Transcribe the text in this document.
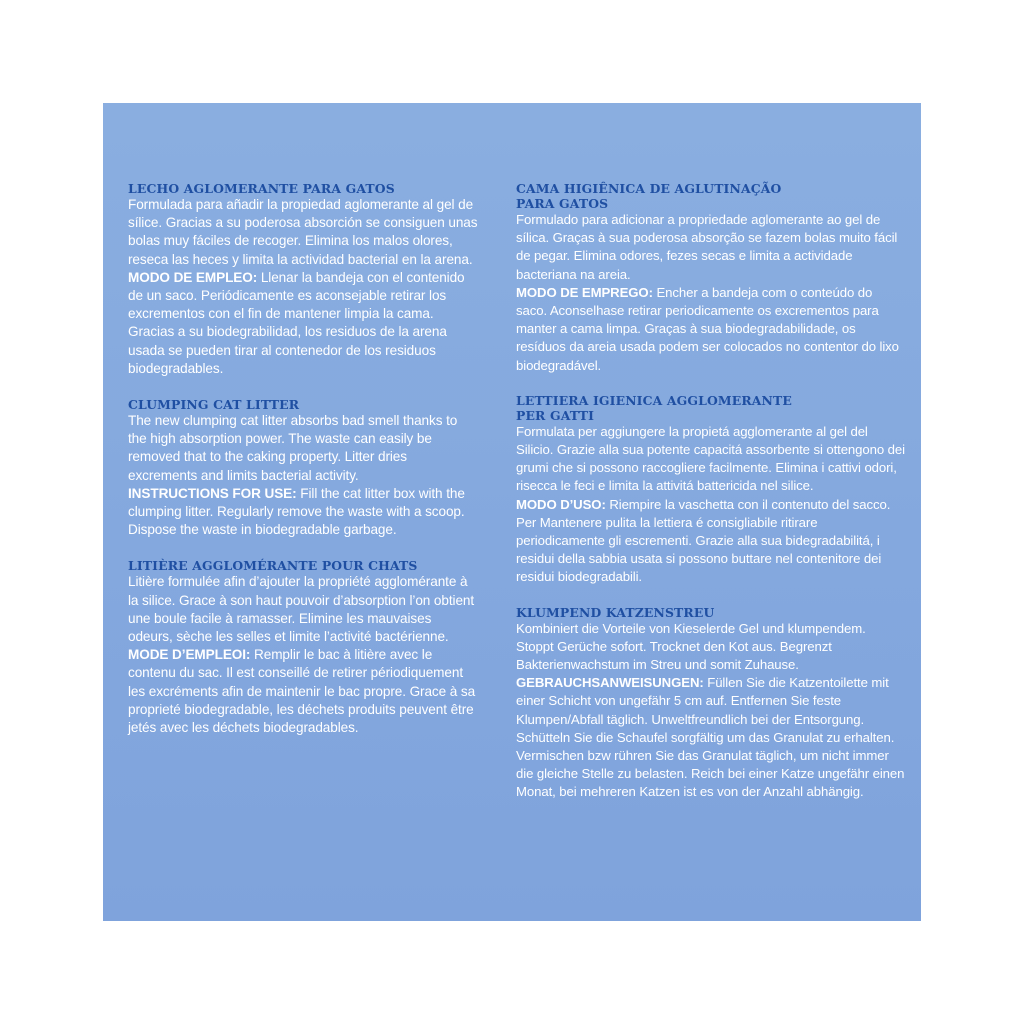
LECHO AGLOMERANTE PARA GATOS

Formulada para añadir la propiedad aglomerante al gel de sílice. Gracias a su poderosa absorción se consiguen unas bolas muy fáciles de recoger. Elimina los malos olores, reseca las heces y limita la actividad bacterial en la arena.
MODO DE EMPLEO: Llenar la bandeja con el contenido de un saco. Periódicamente es aconsejable retirar los excrementos con el fin de mantener limpia la cama. Gracias a su biodegrabilidad, los residuos de la arena usada se pueden tirar al contenedor de los residuos biodegradables.

CLUMPING CAT LITTER

The new clumping cat litter absorbs bad smell thanks to the high absorption power. The waste can easily be removed that to the caking property. Litter dries excrements and limits bacterial activity.
INSTRUCTIONS FOR USE: Fill the cat litter box with the clumping litter. Regularly remove the waste with a scoop. Dispose the waste in biodegradable garbage.

LITIÈRE AGGLOMÉRANTE POUR CHATS

Litière formulée afin d’ajouter la propriété agglomérante à la silice. Grace à son haut pouvoir d’absorption l’on obtient une boule facile à ramasser. Elimine les mauvaises odeurs, sèche les selles et limite l’activité bactérienne.
MODE D’EMPLEOI: Remplir le bac à litière avec le contenu du sac. Il est conseillé de retirer périodiquement les excréments afin de maintenir le bac propre. Grace à sa proprieté biodegradable, les déchets produits peuvent être jetés avec les déchets biodegradables.

CAMA HIGIÊNICA DE AGLUTINAÇÃO
PARA GATOS

Formulado para adicionar a propriedade aglomerante ao gel de sílica. Graças à sua poderosa absorção se fazem bolas muito fácil de pegar. Elimina odores, fezes secas e limita a actividade bacteriana na areia.
MODO DE EMPREGO: Encher a bandeja com o conteúdo do saco. Aconselhase retirar periodicamente os excrementos para manter a cama limpa. Graças à sua biodegradabilidade, os resíduos da areia usada podem ser colocados no contentor do lixo biodegradável.

LETTIERA IGIENICA AGGLOMERANTE
PER GATTI

Formulata per aggiungere la propietá agglomerante al gel del Silicio. Grazie alla sua potente capacitá assorbente si ottengono dei grumi che si possono raccogliere facilmente. Elimina i cattivi odori, risecca le feci e limita la attivitá battericida nel silice.
MODO D’USO: Riempire la vaschetta con il contenuto del sacco. Per Mantenere pulita la lettiera é consigliabile ritirare periodicamente gli escrementi. Grazie alla sua bidegradabilitá, i residui della sabbia usata si possono buttare nel contenitore dei residui biodegradabili.

KLUMPEND KATZENSTREU

Kombiniert die Vorteile von Kieselerde Gel und klumpendem. Stoppt Gerüche sofort. Trocknet den Kot aus. Begrenzt Bakterienwachstum im Streu und somit Zuhause.
GEBRAUCHSANWEISUNGEN: Füllen Sie die Katzentoilette mit einer Schicht von ungefähr 5 cm auf. Entfernen Sie feste Klumpen/Abfall täglich. Unweltfreundlich bei der Entsorgung. Schütteln Sie die Schaufel sorgfältig um das Granulat zu erhalten. Vermischen bzw rühren Sie das Granulat täglich, um nicht immer die gleiche Stelle zu belasten. Reich bei einer Katze ungefähr einen Monat, bei mehreren Katzen ist es von der Anzahl abhängig.
